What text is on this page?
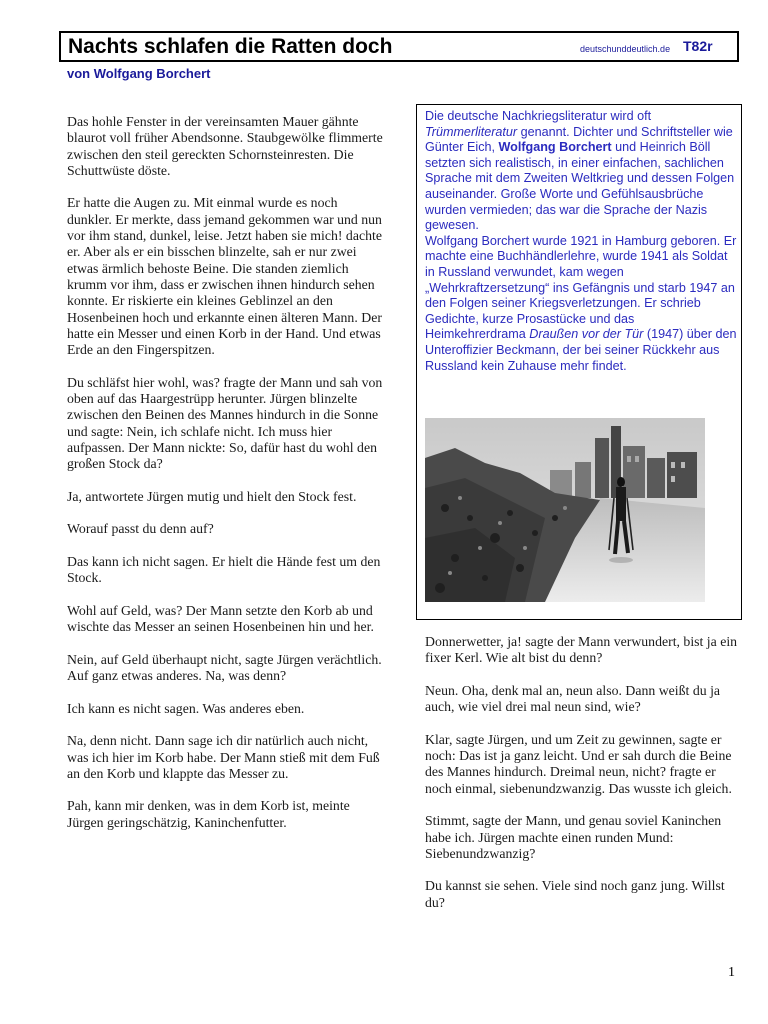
Nachts schlafen die Ratten doch	deutschunddeutlich.de T82r
von Wolfgang Borchert

Das hohle Fenster in der vereinsamten Mauer gähnte blaurot voll früher Abendsonne. Staubgewölke flimmerte zwischen den steil gereckten Schornsteinresten. Die Schuttwüste döste.

Er hatte die Augen zu. Mit einmal wurde es noch dunkler. Er merkte, dass jemand gekommen war und nun vor ihm stand, dunkel, leise. Jetzt haben sie mich! dachte er. Aber als er ein bisschen blinzelte, sah er nur zwei etwas ärmlich behoste Beine. Die standen ziemlich krumm vor ihm, dass er zwischen ihnen hindurch sehen konnte. Er riskierte ein kleines Geblinzel an den Hosenbeinen hoch und erkannte einen älteren Mann. Der hatte ein Messer und einen Korb in der Hand. Und etwas Erde an den Fingerspitzen.

Du schläfst hier wohl, was? fragte der Mann und sah von oben auf das Haargestrüpp herunter. Jürgen blinzelte zwischen den Beinen des Mannes hindurch in die Sonne und sagte: Nein, ich schlafe nicht. Ich muss hier aufpassen. Der Mann nickte: So, dafür hast du wohl den großen Stock da?

Ja, antwortete Jürgen mutig und hielt den Stock fest.

Worauf passt du denn auf?

Das kann ich nicht sagen. Er hielt die Hände fest um den Stock.

Wohl auf Geld, was? Der Mann setzte den Korb ab und wischte das Messer an seinen Hosenbeinen hin und her.

Nein, auf Geld überhaupt nicht, sagte Jürgen verächtlich. Auf ganz etwas anderes. Na, was denn?

Ich kann es nicht sagen. Was anderes eben.

Na, denn nicht. Dann sage ich dir natürlich auch nicht, was ich hier im Korb habe. Der Mann stieß mit dem Fuß an den Korb und klappte das Messer zu.

Pah, kann mir denken, was in dem Korb ist, meinte Jürgen geringschätzig, Kaninchenfutter.

Die deutsche Nachkriegsliteratur wird oft Trümmerliteratur genannt. Dichter und Schriftsteller wie Günter Eich, Wolfgang Borchert und Heinrich Böll setzten sich realistisch, in einer einfachen, sachlichen Sprache mit dem Zweiten Weltkrieg und dessen Folgen auseinander. Große Worte und Gefühlsausbrüche wurden vermieden; das war die Sprache der Nazis gewesen.

Wolfgang Borchert wurde 1921 in Hamburg geboren. Er machte eine Buchhändlerlehre, wurde 1941 als Soldat in Russland verwundet, kam wegen „Wehrkraftzersetzung“ ins Gefängnis und starb 1947 an den Folgen seiner Kriegsverletzungen. Er schrieb Gedichte, kurze Prosastücke und das Heimkehrerdrama Draußen vor der Tür (1947) über den Unteroffizier Beckmann, der bei seiner Rückkehr aus Russland kein Zuhause mehr findet.

Donnerwetter, ja! sagte der Mann verwundert, bist ja ein fixer Kerl. Wie alt bist du denn?

Neun. Oha, denk mal an, neun also. Dann weißt du ja auch, wie viel drei mal neun sind, wie?

Klar, sagte Jürgen, und um Zeit zu gewinnen, sagte er noch: Das ist ja ganz leicht. Und er sah durch die Beine des Mannes hindurch. Dreimal neun, nicht? fragte er noch einmal, siebenundzwanzig. Das wusste ich gleich.

Stimmt, sagte der Mann, und genau soviel Kaninchen habe ich. Jürgen machte einen runden Mund: Siebenundzwanzig?

Du kannst sie sehen. Viele sind noch ganz jung. Willst du?

1
